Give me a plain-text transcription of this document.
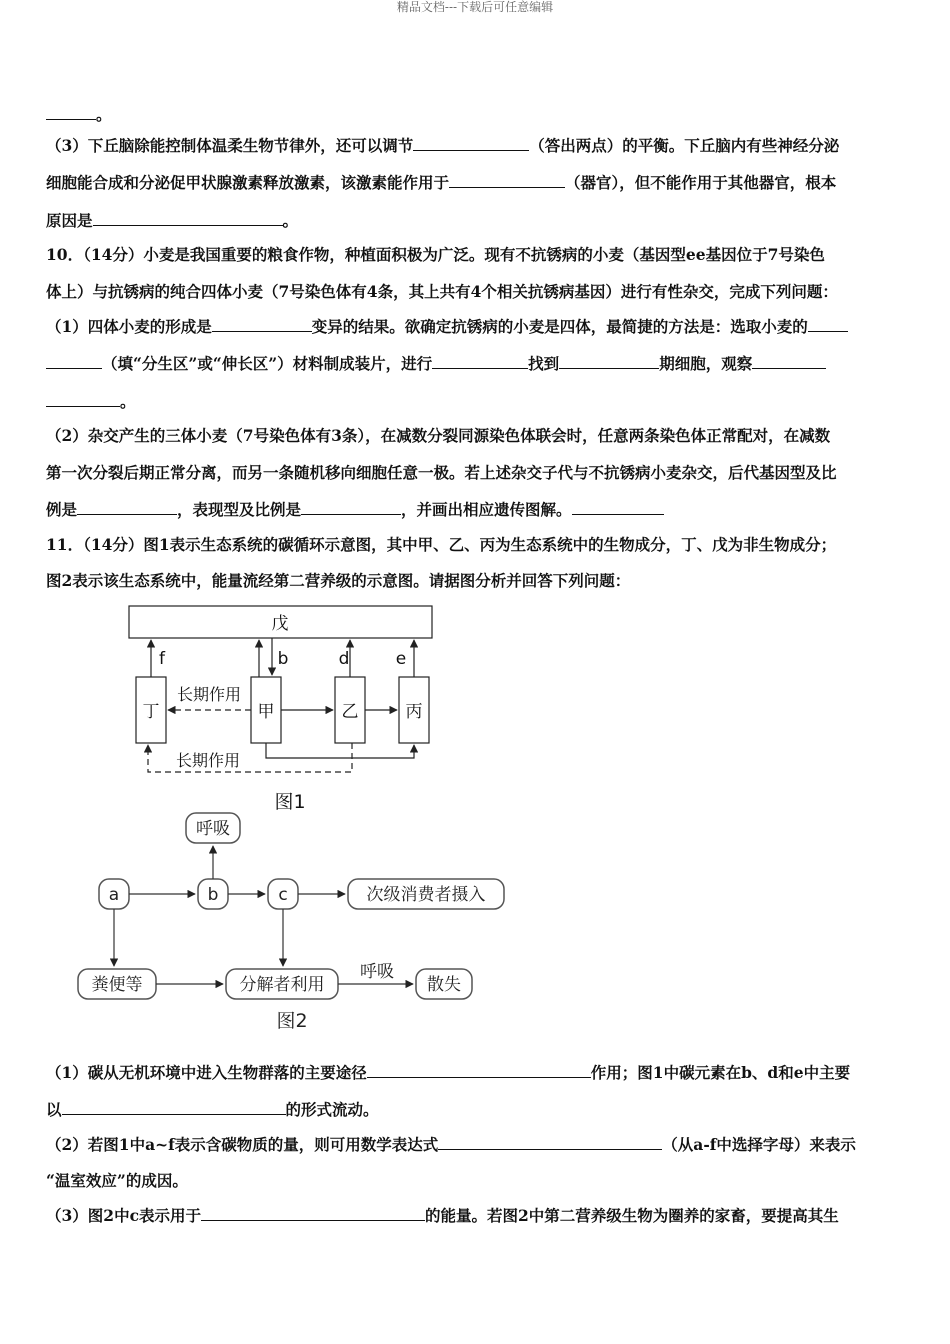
精品文档---下载后可任意编辑
。
（3）下丘脑除能控制体温柔生物节律外，还可以调节	（答出两点）的平衡。下丘脑内有些神经分泌
细胞能合成和分泌促甲状腺激素释放激素，该激素能作用于	（器官），但不能作用于其他器官，根本
原因是	。
10．（14分）小麦是我国重要的粮食作物，种植面积极为广泛。现有不抗锈病的小麦（基因型ee基因位于7号染色
体上）与抗锈病的纯合四体小麦（7号染色体有4条，其上共有4个相关抗锈病基因）进行有性杂交，完成下列问题：
（1）四体小麦的形成是	变异的结果。欲确定抗锈病的小麦是四体，最简捷的方法是：选取小麦的
（填“分生区”或“伸长区”）材料制成装片，进行	找到	期细胞，观察
。
（2）杂交产生的三体小麦（7号染色体有3条），在减数分裂同源染色体联会时，任意两条染色体正常配对，在减数
第一次分裂后期正常分离，而另一条随机移向细胞任意一极。若上述杂交子代与不抗锈病小麦杂交，后代基因型及比
例是	，表现型及比例是	，并画出相应遗传图解。
11．（14分）图1表示生态系统的碳循环示意图，其中甲、乙、丙为生态系统中的生物成分，丁、戊为非生物成分；
图2表示该生态系统中，能量流经第二营养级的示意图。请据图分析并回答下列问题：
戊
丁	甲	乙	丙
f	b	d	e
长期作用
长期作用
图1
呼吸
a	b	c	次级消费者摄入
粪便等	分解者利用
呼吸
散失
图2
（1）碳从无机环境中进入生物群落的主要途径	作用；图1中碳元素在b、d和e中主要
以	的形式流动。
（2）若图1中a~f表示含碳物质的量，则可用数学表达式	（从a-f中选择字母）来表示
“温室效应”的成因。
（3）图2中c表示用于	的能量。若图2中第二营养级生物为圈养的家畜，要提高其生
